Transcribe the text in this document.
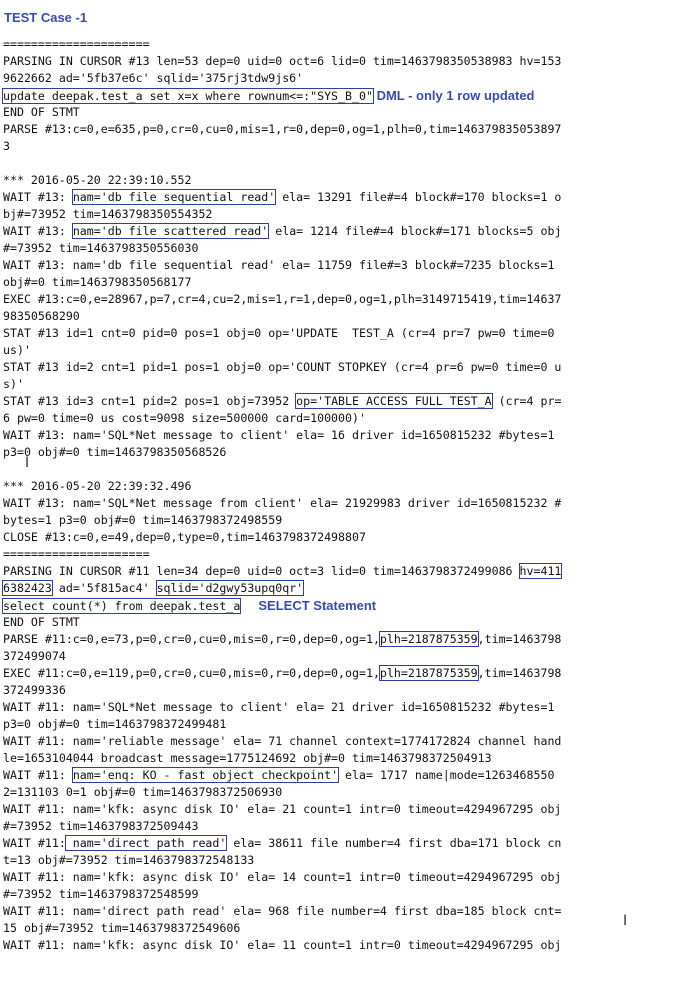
TEST Case -1
=====================
PARSING IN CURSOR #13 len=53 dep=0 uid=0 oct=6 lid=0 tim=1463798350538983 hv=153
9622662 ad='5fb37e6c' sqlid='375rj3tdw9js6'
update deepak.test_a set x=x where rownum<=:"SYS_B_0" DML - only 1 row updated
END OF STMT
PARSE #13:c=0,e=635,p=0,cr=0,cu=0,mis=1,r=0,dep=0,og=1,plh=0,tim=146379835053897
3
*** 2016-05-20 22:39:10.552
WAIT #13: nam='db file sequential read' ela= 13291 file#=4 block#=170 blocks=1 o
bj#=73952 tim=1463798350554352
WAIT #13: nam='db file scattered read' ela= 1214 file#=4 block#=171 blocks=5 obj
#=73952 tim=1463798350556030
WAIT #13: nam='db file sequential read' ela= 11759 file#=3 block#=7235 blocks=1
obj#=0 tim=1463798350568177
EXEC #13:c=0,e=28967,p=7,cr=4,cu=2,mis=1,r=1,dep=0,og=1,plh=3149715419,tim=14637
98350568290
STAT #13 id=1 cnt=0 pid=0 pos=1 obj=0 op='UPDATE  TEST_A (cr=4 pr=7 pw=0 time=0
us)'
STAT #13 id=2 cnt=1 pid=1 pos=1 obj=0 op='COUNT STOPKEY (cr=4 pr=6 pw=0 time=0 u
s)'
STAT #13 id=3 cnt=1 pid=2 pos=1 obj=73952 op='TABLE ACCESS FULL TEST_A (cr=4 pr=
6 pw=0 time=0 us cost=9098 size=500000 card=100000)'
WAIT #13: nam='SQL*Net message to client' ela= 16 driver id=1650815232 #bytes=1
p3=0 obj#=0 tim=1463798350568526
*** 2016-05-20 22:39:32.496
WAIT #13: nam='SQL*Net message from client' ela= 21929983 driver id=1650815232 #
bytes=1 p3=0 obj#=0 tim=1463798372498559
CLOSE #13:c=0,e=49,dep=0,type=0,tim=1463798372498807
=====================
PARSING IN CURSOR #11 len=34 dep=0 uid=0 oct=3 lid=0 tim=1463798372499086 hv=411
6382423 ad='5f815ac4' sqlid='d2gwy53upq0qr'
select count(*) from deepak.test_a     SELECT Statement
END OF STMT
PARSE #11:c=0,e=73,p=0,cr=0,cu=0,mis=0,r=0,dep=0,og=1,plh=2187875359,tim=1463798
372499074
EXEC #11:c=0,e=119,p=0,cr=0,cu=0,mis=0,r=0,dep=0,og=1,plh=2187875359,tim=1463798
372499336
WAIT #11: nam='SQL*Net message to client' ela= 21 driver id=1650815232 #bytes=1
p3=0 obj#=0 tim=1463798372499481
WAIT #11: nam='reliable message' ela= 71 channel context=1774172824 channel hand
le=1653104044 broadcast message=1775124692 obj#=0 tim=1463798372504913
WAIT #11: nam='enq: KO - fast object checkpoint' ela= 1717 name|mode=1263468550
2=131103 0=1 obj#=0 tim=1463798372506930
WAIT #11: nam='kfk: async disk IO' ela= 21 count=1 intr=0 timeout=4294967295 obj
#=73952 tim=1463798372509443
WAIT #11: nam='direct path read' ela= 38611 file number=4 first dba=171 block cn
t=13 obj#=73952 tim=1463798372548133
WAIT #11: nam='kfk: async disk IO' ela= 14 count=1 intr=0 timeout=4294967295 obj
#=73952 tim=1463798372548599
WAIT #11: nam='direct path read' ela= 968 file number=4 first dba=185 block cnt=
15 obj#=73952 tim=1463798372549606
WAIT #11: nam='kfk: async disk IO' ela= 11 count=1 intr=0 timeout=4294967295 obj
I
I
